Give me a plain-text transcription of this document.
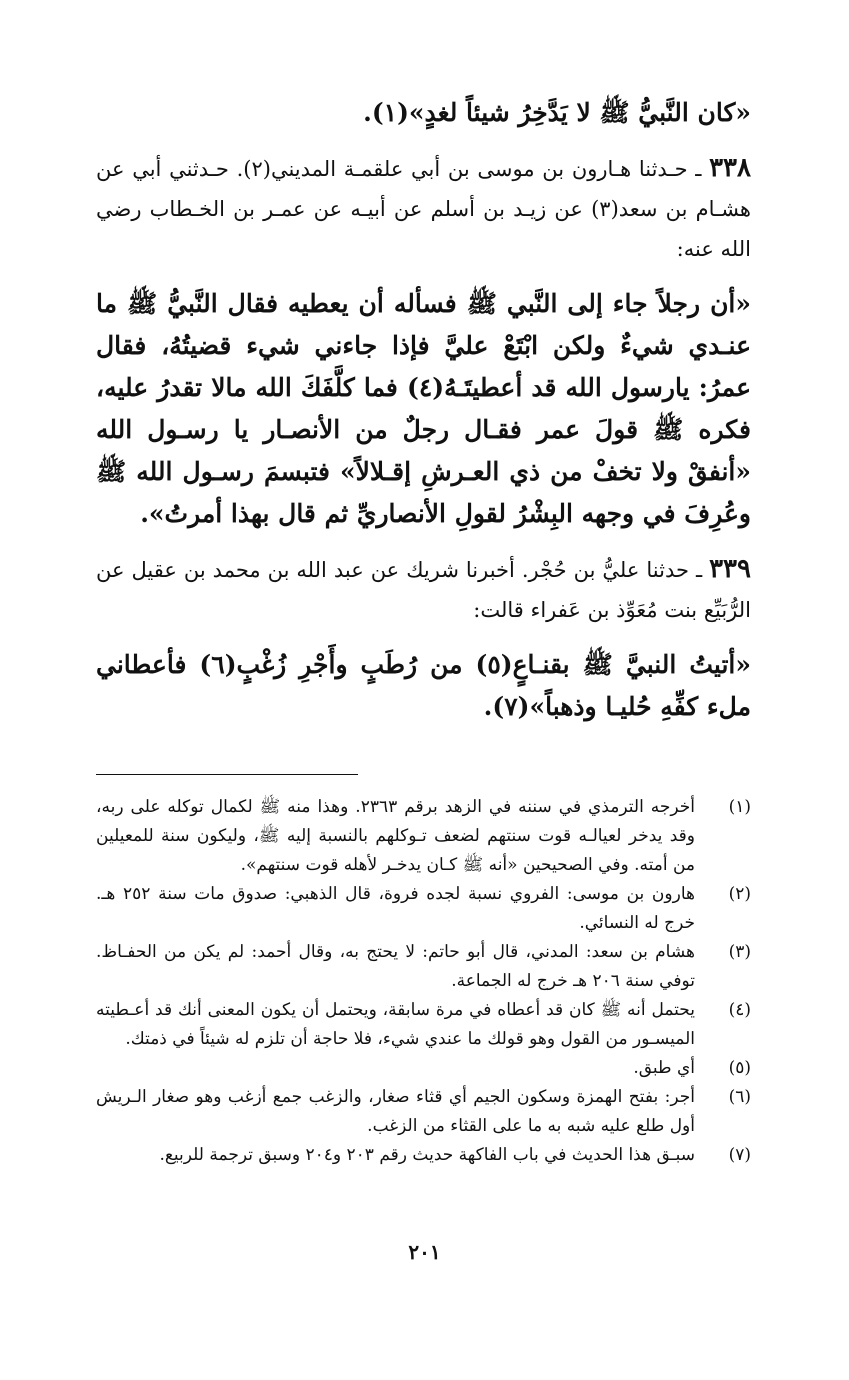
«كان النَّبيُّ ﷺ لا يَدَّخِرُ شيئاً لغدٍ»(١).

٣٣٨ ـ حـدثنا هـارون بن موسى بن أبي علقمـة المديني(٢). حـدثني أبي عن هشـام بن سعد(٣) عن زيـد بن أسلم عن أبيـه عن عمـر بن الخـطاب رضي الله عنه:

«أن رجلاً جاء إلى النَّبي ﷺ فسأله أن يعطيه فقال النَّبيُّ ﷺ ما عنـدي شيءٌ ولكن ابْتَعْ عليَّ فإذا جاءني شيء قضيتُهُ، فقال عمرُ: يارسول الله قد أعطيتَـهُ(٤) فما كلَّفَكَ الله مالا تقدرُ عليه، فكره ﷺ قولَ عمر فقـال رجلٌ من الأنصـار يا رسـول الله «أنفقْ ولا تخفْ من ذي العـرشِ إقـلالاً» فتبسمَ رسـول الله ﷺ وعُرِفَ في وجهه البِشْرُ لقولِ الأنصاريِّ ثم قال بهذا أمرتُ».

٣٣٩ ـ حدثنا عليُّ بن حُجْر. أخبرنا شريك عن عبد الله بن محمد بن عقيل عن الرُّبَيِّع بنت مُعَوِّذ بن عَفراء قالت:

«أتيتُ النبيَّ ﷺ بقنـاعٍ(٥) من رُطَبٍ وأَجْرِ زُغْبٍ(٦) فأعطاني ملء كفِّهِ حُليـا وذهباً»(٧).

(١)
أخرجه الترمذي في سننه في الزهد برقم ٢٣٦٣. وهذا منه ﷺ لكمال توكله على ربه، وقد يدخر لعيالـه قوت سنتهم لضعف تـوكلهم بالنسبة إليه ﷺ، وليكون سنة للمعيلين من أمته. وفي الصحيحين «أنه ﷺ كـان يدخـر لأهله قوت سنتهم».
(٢)
هارون بن موسى: الفروي نسبة لجده فروة، قال الذهبي: صدوق مات سنة ٢٥٢ هـ. خرج له النسائي.
(٣)
هشام بن سعد: المدني، قال أبو حاتم: لا يحتج به، وقال أحمد: لم يكن من الحفـاظ. توفي سنة ٢٠٦ هـ خرج له الجماعة.
(٤)
يحتمل أنه ﷺ كان قد أعطاه في مرة سابقة، ويحتمل أن يكون المعنى أنك قد أعـطيته الميسـور من القول وهو قولك ما عندي شيء، فلا حاجة أن تلزم له شيئاً في ذمتك.
(٥)
أي طبق.
(٦)
أجر: بفتح الهمزة وسكون الجيم أي قثاء صغار، والزغب جمع أزغب وهو صغار الـريش أول طلع عليه شبه به ما على القثاء من الزغب.
(٧)
سبـق هذا الحديث في باب الفاكهة حديث رقم ٢٠٣ و٢٠٤ وسبق ترجمة للربيع.
٢٠١
